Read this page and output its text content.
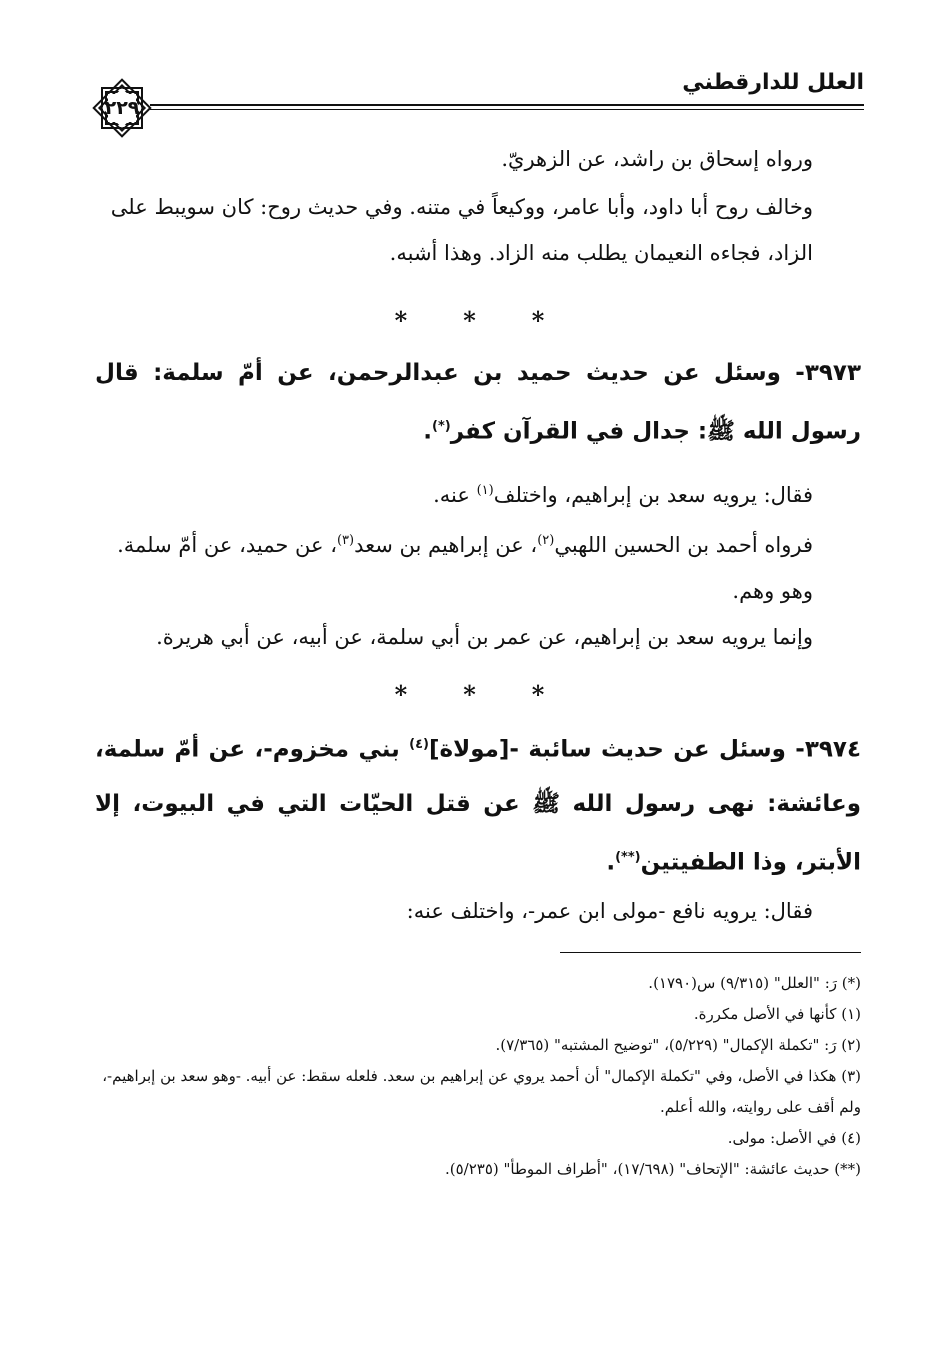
العلل للدارقطني
٢٢٩

ورواه إسحاق بن راشد، عن الزهريّ.

وخالف روح أبا داود، وأبا عامر، ووكيعاً في متنه. وفي حديث روح: كان سويبط على الزاد، فجاءه النعيمان يطلب منه الزاد. وهذا أشبه.

* * *
٣٩٧٣- وسئل عن حديث حميد بن عبدالرحمن، عن أمّ سلمة: قال رسول الله ﷺ: جدال في القرآن كفر(*).

فقال: يرويه سعد بن إبراهيم، واختلف$^{(١)}$ عنه.

فرواه أحمد بن الحسين اللهبي$^{(٢)}$، عن إبراهيم بن سعد$^{(٣)}$، عن حميد، عن أمّ سلمة. وهو وهم.

وإنما يرويه سعد بن إبراهيم، عن عمر بن أبي سلمة، عن أبيه، عن أبي هريرة.

* * *
٣٩٧٤- وسئل عن حديث سائبة -[مولاة]$^{(٤)}$ بني مخزوم-، عن أمّ سلمة، وعائشة: نهى رسول الله ﷺ عن قتل الحيّات التي في البيوت، إلا الأبتر، وذا الطفيتين(**).

فقال: يرويه نافع -مولى ابن عمر-، واختلف عنه:

(*) رَ: "العلل" (٩/٣١٥) س(١٧٩٠).

(١) كأنها في الأصل مكررة.

(٢) رَ: "تكملة الإكمال" (٥/٢٢٩)، "توضيح المشتبه" (٧/٣٦٥).

(٣) هكذا في الأصل، وفي "تكملة الإكمال" أن أحمد يروي عن إبراهيم بن سعد. فلعله سقط: عن أبيه. -وهو سعد بن إبراهيم-، ولم أقف على روايته، والله أعلم.

(٤) في الأصل: مولى.

(**) حديث عائشة: "الإتحاف" (١٧/٦٩٨)، "أطراف الموطأ" (٥/٢٣٥).
